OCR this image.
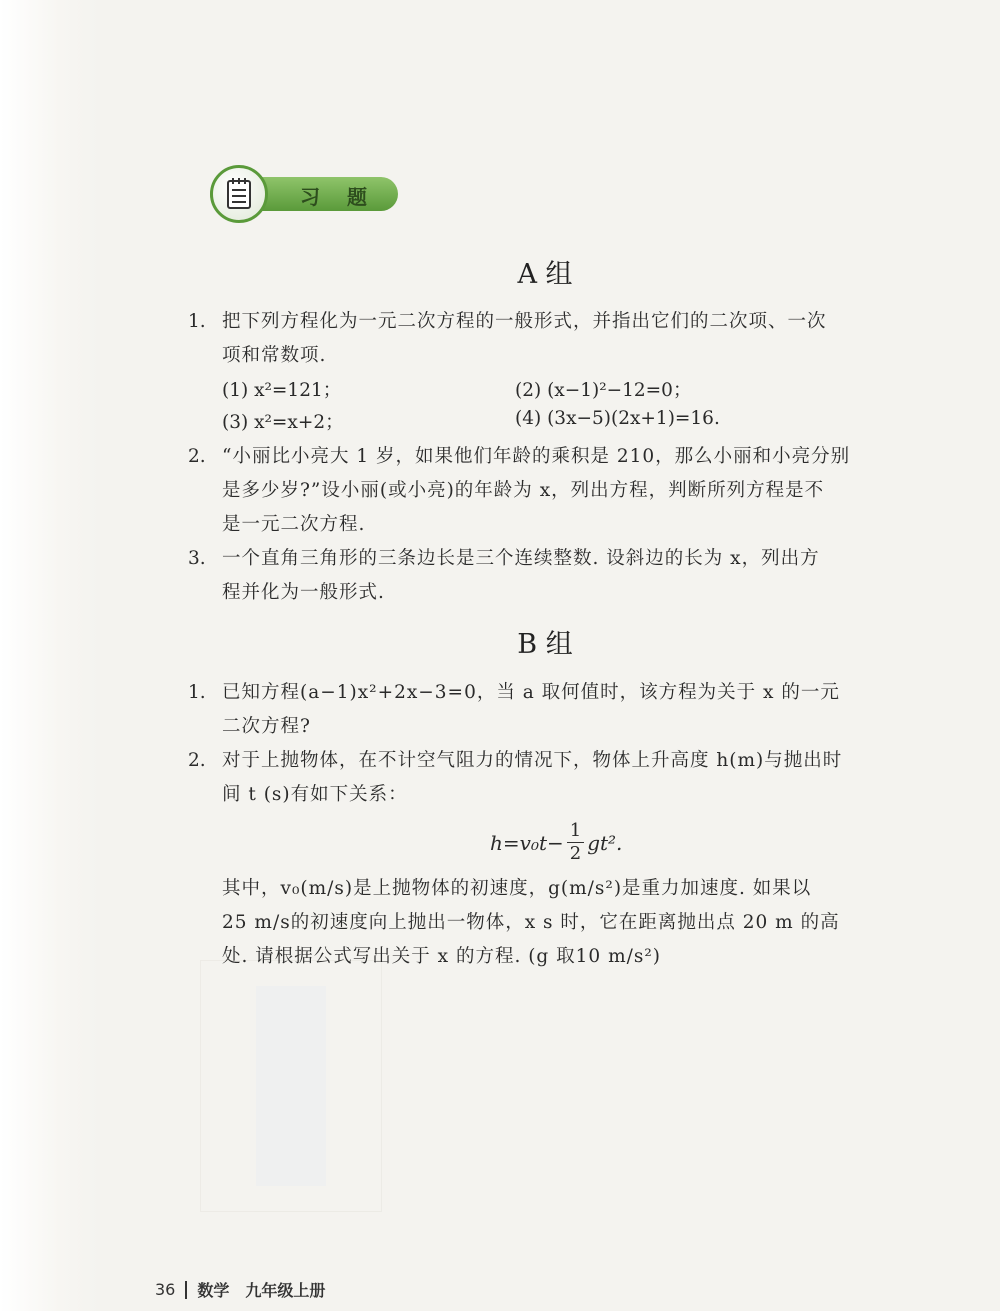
习 题
A 组
1. 把下列方程化为一元二次方程的一般形式，并指出它们的二次项、一次
项和常数项.
(1) x²=121；	(2) (x−1)²−12=0；
(3) x²=x+2；	(4) (3x−5)(2x+1)=16.
2. “小丽比小亮大 1 岁，如果他们年龄的乘积是 210，那么小丽和小亮分别
是多少岁?”设小丽(或小亮)的年龄为 x，列出方程，判断所列方程是不
是一元二次方程.
3. 一个直角三角形的三条边长是三个连续整数. 设斜边的长为 x，列出方
程并化为一般形式.
B 组
1. 已知方程(a−1)x²+2x−3=0，当 a 取何值时，该方程为关于 x 的一元
二次方程?
2. 对于上抛物体，在不计空气阻力的情况下，物体上升高度 h(m)与抛出时
间 t (s)有如下关系：
$h=v_0t- \frac{1}{2} gt^2$.
其中，v₀(m/s)是上抛物体的初速度，g(m/s²)是重力加速度. 如果以
25 m/s的初速度向上抛出一物体，x s 时，它在距离抛出点 20 m 的高
处. 请根据公式写出关于 x 的方程. (g 取10 m/s²)
36 数学 九年级上册
